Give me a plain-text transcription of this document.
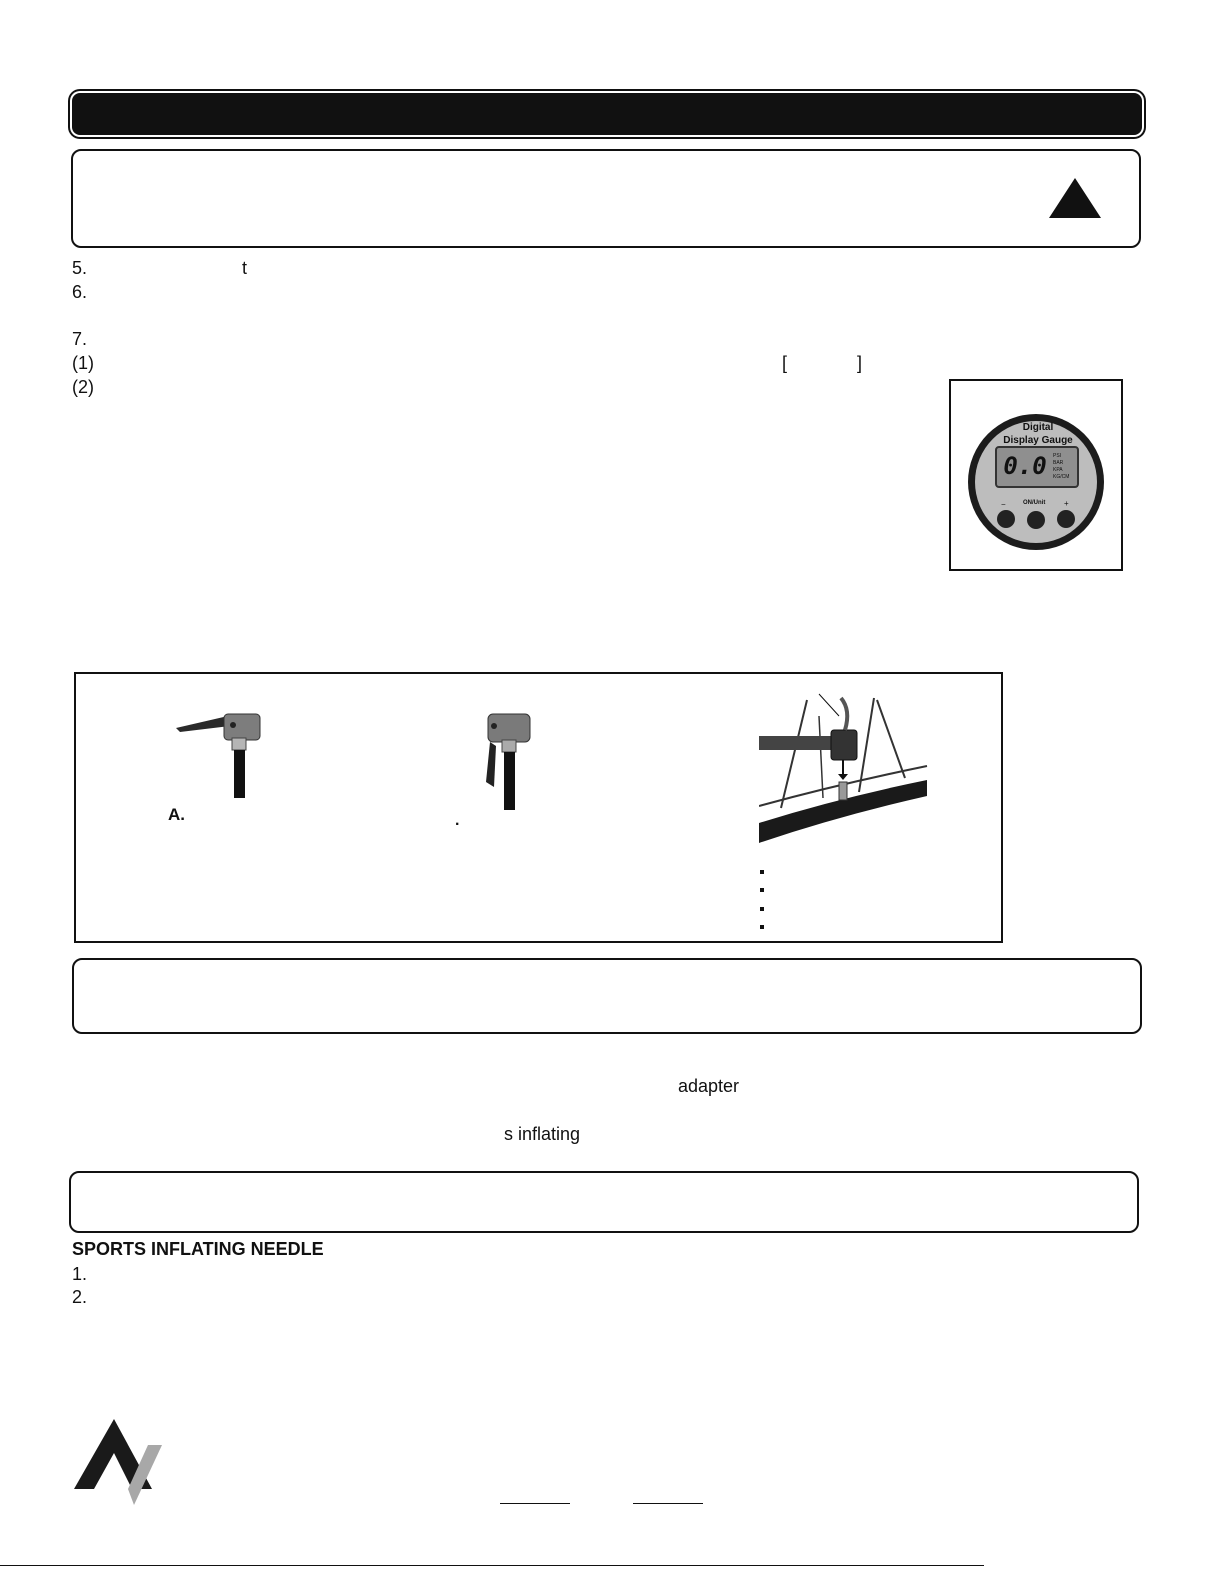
5.	t
6.
7.
(1)	[	]
(2)
Digital
Display Gauge
0.0	PSI
BAR
KPA
KG/CM
−	ON/Unit +
A.	.
adapter
s inflating
SPORTS INFLATING NEEDLE
1.
2.
